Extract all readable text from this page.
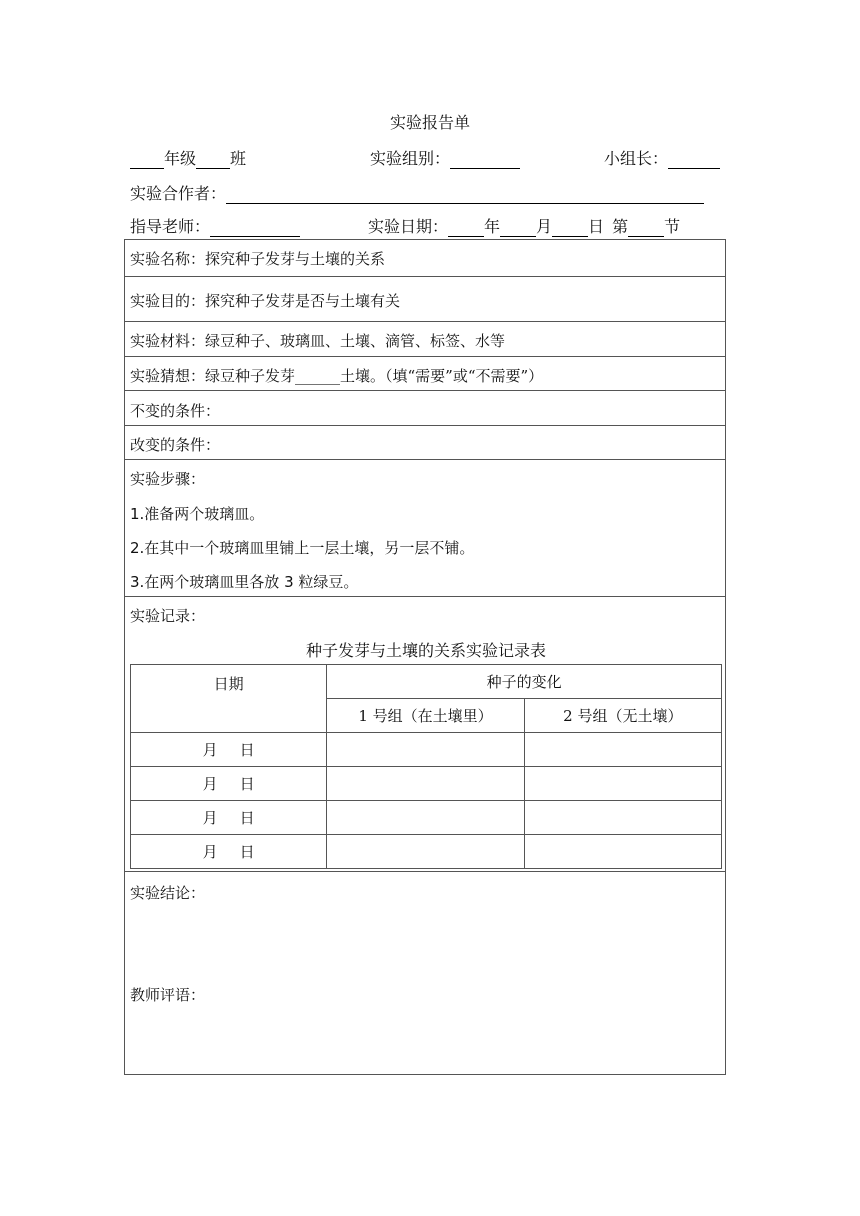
实验报告单
年级 班	实验组别：	小组长：
实验合作者：
指导老师：	实验日期： 年 月 日 第 节
实验名称：探究种子发芽与土壤的关系
实验目的：探究种子发芽是否与土壤有关
实验材料：绿豆种子、玻璃皿、土壤、滴管、标签、水等
实验猜想：绿豆种子发芽______土壤。（填“需要”或“不需要”）
不变的条件：
改变的条件：
实验步骤：
1.准备两个玻璃皿。
2.在其中一个玻璃皿里铺上一层土壤，另一层不铺。
3.在两个玻璃皿里各放 3 粒绿豆。
实验记录：
种子发芽与土壤的关系实验记录表
日期	种子的变化	
	1 号组（在土壤里）	2 号组（无土壤）
月 日		
月 日		
月 日		
月 日		
实验结论：
教师评语：
